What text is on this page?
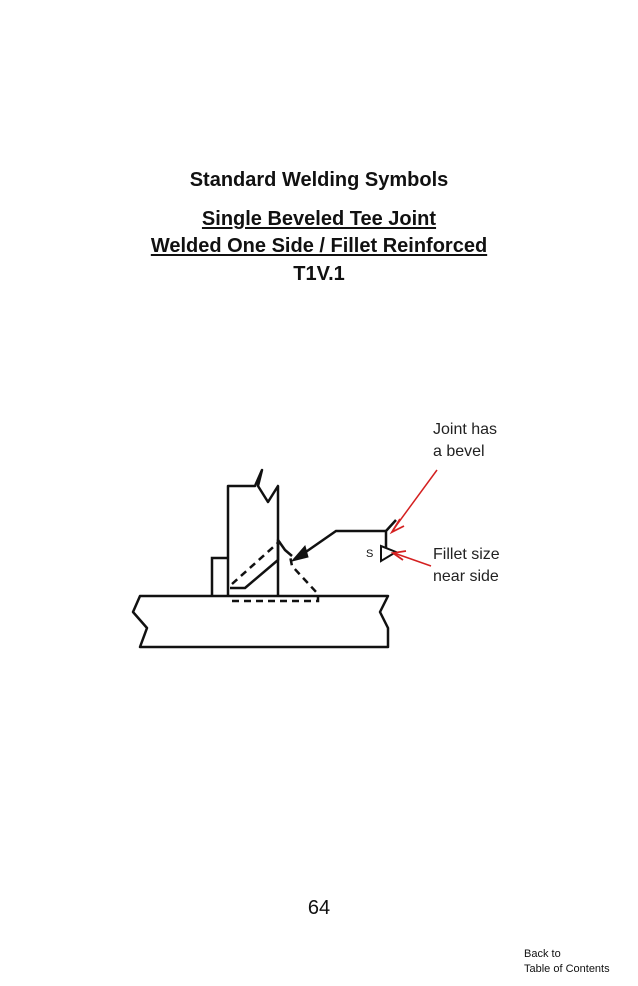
S
Standard Welding Symbols
Single Beveled Tee Joint
Welded One Side / Fillet Reinforced
T1V.1

Joint has
a bevel

Fillet size
near side

64

Back to
Table of Contents
